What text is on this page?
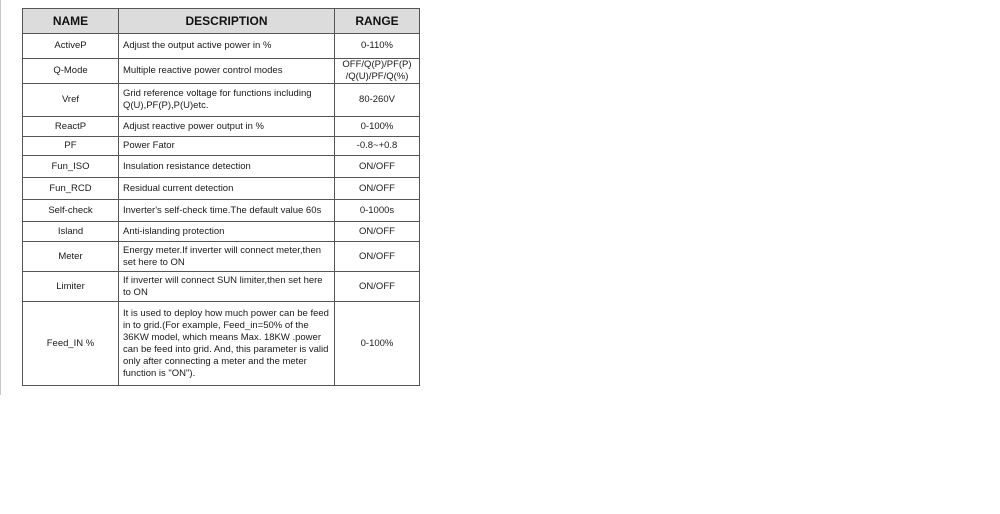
NAME	DESCRIPTION	RANGE
ActiveP	Adjust the output active power in %	0-110%
Q-Mode	Multiple reactive power control modes	OFF/Q(P)/PF(P) /Q(U)/PF/Q(%)
Vref	Grid reference voltage for functions including Q(U),PF(P),P(U)etc.	80-260V
ReactP	Adjust reactive power output in %	0-100%
PF	Power Fator	-0.8~+0.8
Fun_ISO	Insulation resistance detection	ON/OFF
Fun_RCD	Residual current detection	ON/OFF
Self-check	Inverter's self-check time.The default value 60s	0-1000s
Island	Anti-islanding protection	ON/OFF
Meter	Energy meter.If inverter will connect meter,then set here to ON	ON/OFF
Limiter	If inverter will connect SUN limiter,then set here to ON	ON/OFF
Feed_IN %	It is used to deploy how much power can be feed in to grid.(For example, Feed_in=50% of the 36KW model, which means Max. 18KW .power can be feed into grid. And, this parameter is valid only after connecting a meter and the meter function is "ON").	0-100%
